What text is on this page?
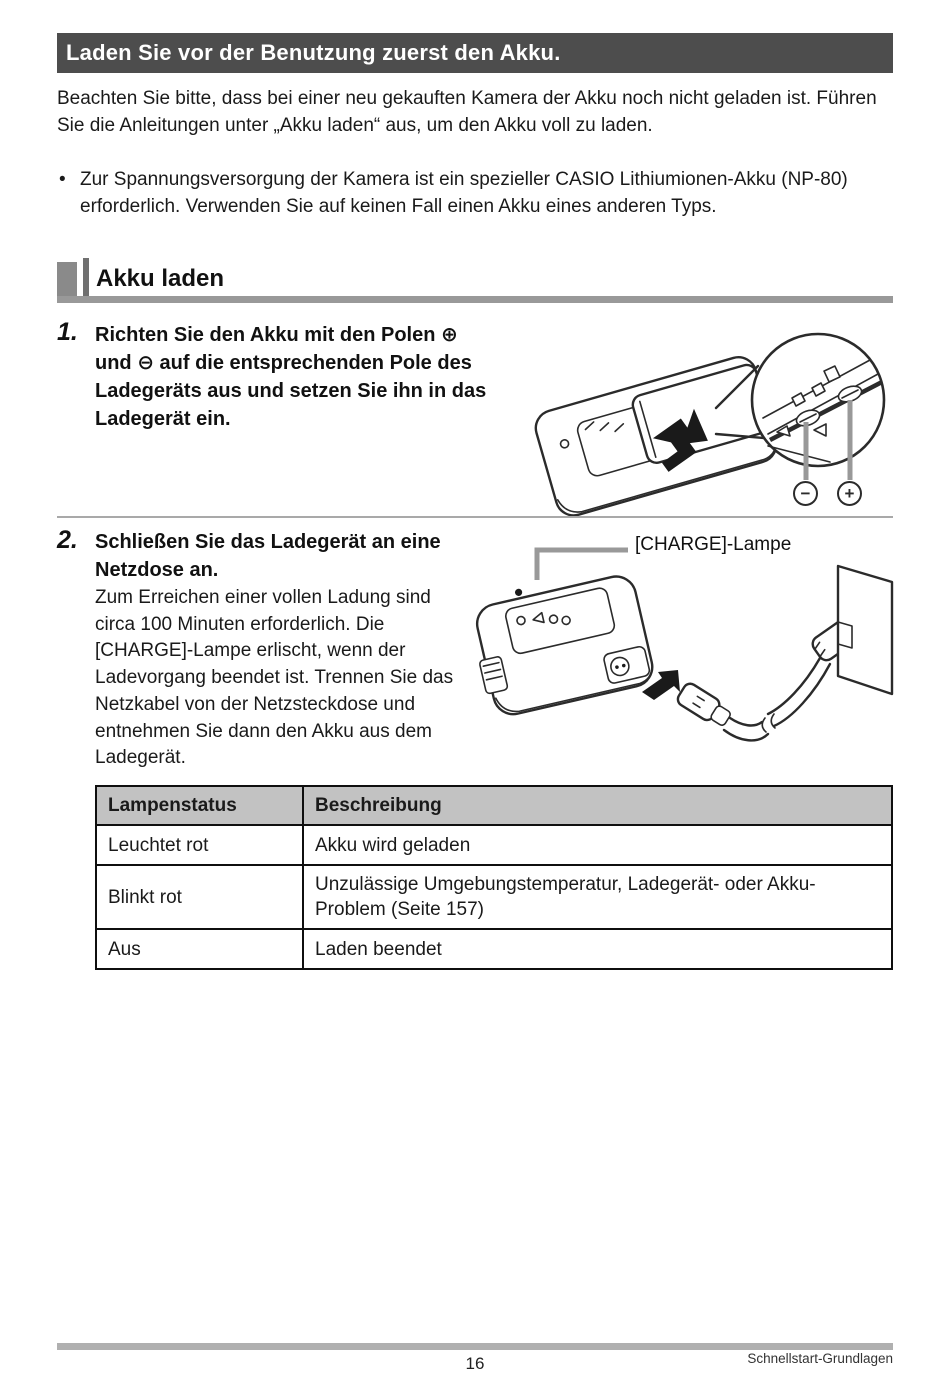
Laden Sie vor der Benutzung zuerst den Akku.
Beachten Sie bitte, dass bei einer neu gekauften Kamera der Akku noch nicht geladen ist. Führen Sie die Anleitungen unter „Akku laden“ aus, um den Akku voll zu laden.
• Zur Spannungsversorgung der Kamera ist ein spezieller CASIO Lithiumionen-Akku (NP-80) erforderlich. Verwenden Sie auf keinen Fall einen Akku eines anderen Typs.
Akku laden
1. Richten Sie den Akku mit den Polen ⊕ und ⊖ auf die entsprechenden Pole des Ladegeräts aus und setzen Sie ihn in das Ladegerät ein.
− +
2. Schließen Sie das Ladegerät an eine Netzdose an.
Zum Erreichen einer vollen Ladung sind circa 100 Minuten erforderlich. Die [CHARGE]-Lampe erlischt, wenn der Ladevorgang beendet ist. Trennen Sie das Netzkabel von der Netzsteckdose und entnehmen Sie dann den Akku aus dem Ladegerät.
[CHARGE]-Lampe
Lampenstatus	Beschreibung
Leuchtet rot	Akku wird geladen
Blinkt rot	Unzulässige Umgebungstemperatur, Ladegerät- oder Akku-Problem (Seite 157)
Aus	Laden beendet
16	Schnellstart-Grundlagen
